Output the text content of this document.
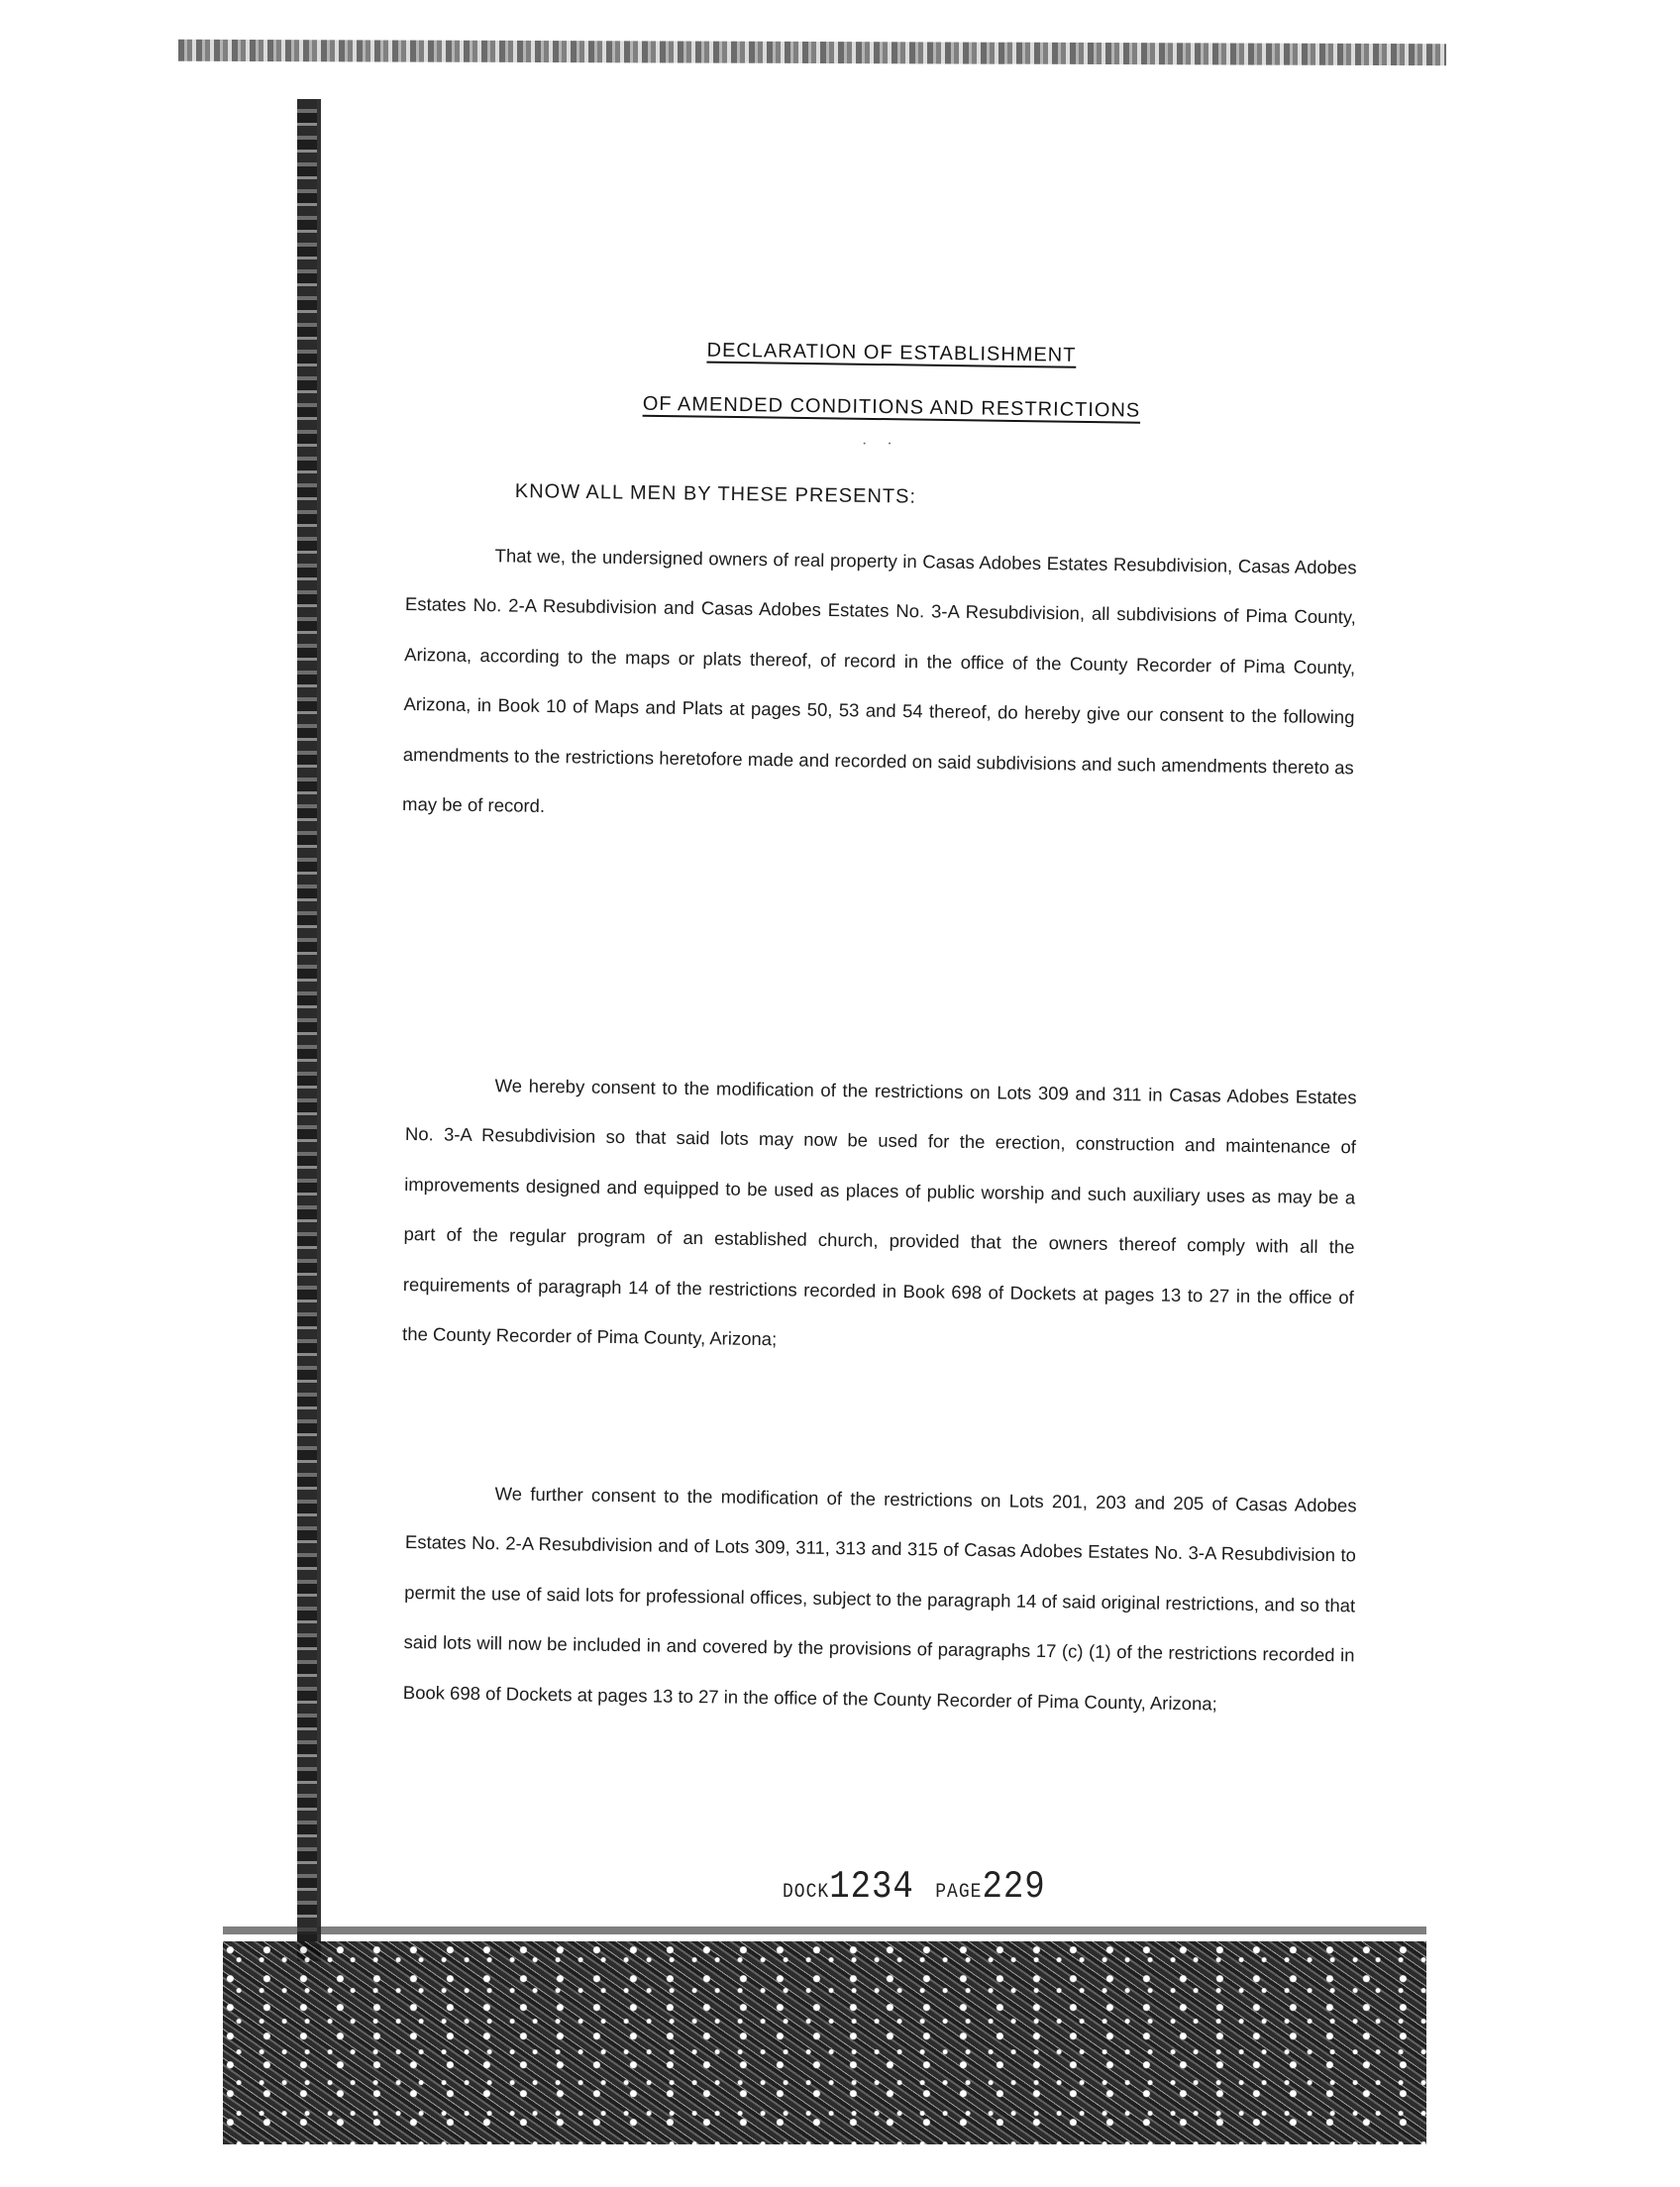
DECLARATION OF ESTABLISHMENT
OF AMENDED CONDITIONS AND RESTRICTIONS
·     ·
KNOW ALL MEN BY THESE PRESENTS:

That we, the undersigned owners of real property in Casas Adobes Estates Resubdivision, Casas Adobes Estates No. 2-A Resubdivision and Casas Adobes Estates No. 3-A Resubdivision, all subdivisions of Pima County, Arizona, according to the maps or plats thereof, of record in the office of the County Recorder of Pima County, Arizona, in Book 10 of Maps and Plats at pages 50, 53 and 54 thereof, do hereby give our consent to the following amendments to the restrictions heretofore made and recorded on said subdivisions and such amendments thereto as may be of record.

We hereby consent to the modification of the restrictions on Lots 309 and 311 in Casas Adobes Estates No. 3-A Resubdivision so that said lots may now be used for the erection, construction and maintenance of improvements designed and equipped to be used as places of public worship and such auxiliary uses as may be a part of the regular program of an established church, provided that the owners thereof comply with all the requirements of paragraph 14 of the restrictions recorded in Book 698 of Dockets at pages 13 to 27 in the office of the County Recorder of Pima County, Arizona;

We further consent to the modification of the restrictions on Lots 201, 203 and 205 of Casas Adobes Estates No. 2-A Resubdivision and of Lots 309, 311, 313 and 315 of Casas Adobes Estates No. 3-A Resubdivision to permit the use of said lots for professional offices, subject to the paragraph 14 of said original restrictions, and so that said lots will now be included in and covered by the provisions of paragraphs 17 (c) (1) of the restrictions recorded in Book 698 of Dockets at pages 13 to 27 in the office of the County Recorder of Pima County, Arizona;

DOCK1234 PAGE229
